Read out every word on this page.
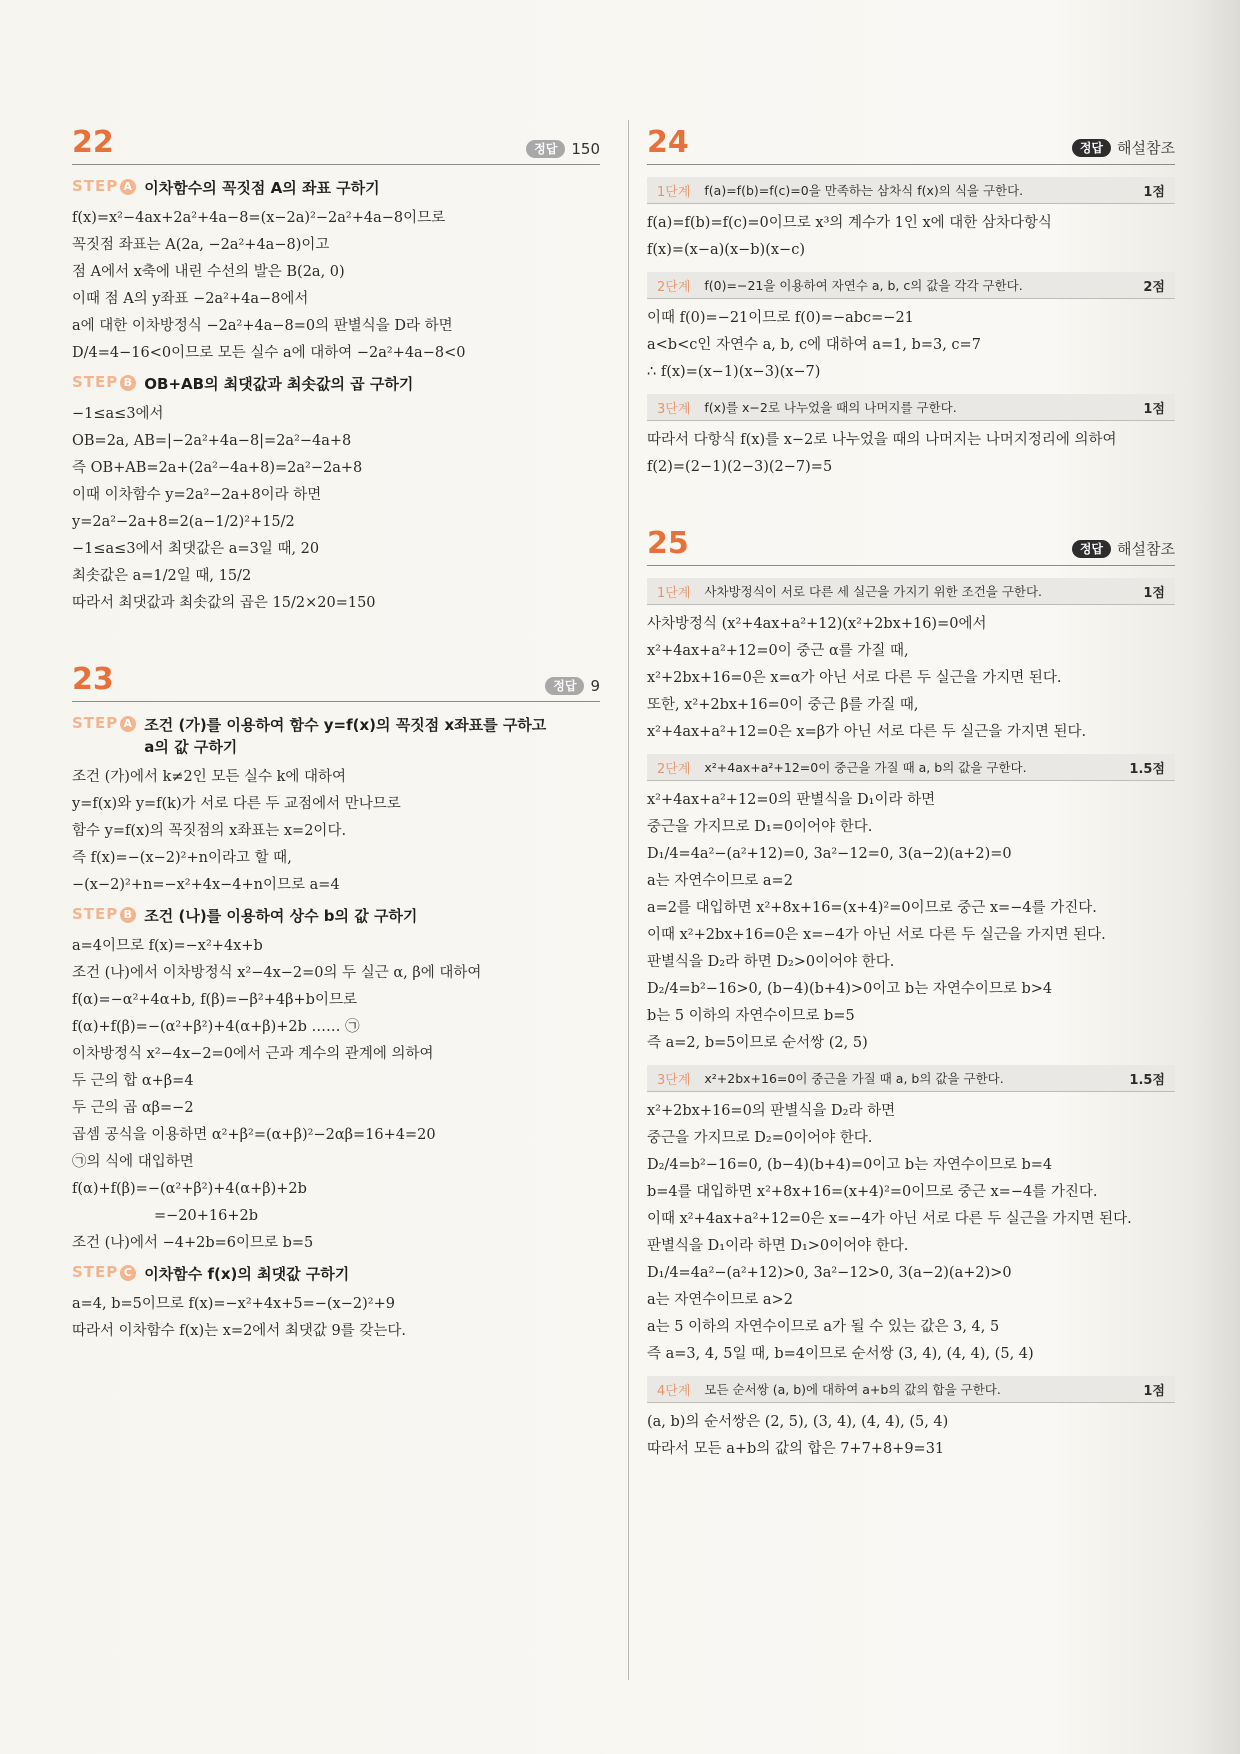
22	정답 150
STEP A 이차함수의 꼭짓점 A의 좌표 구하기
f(x)=x²−4ax+2a²+4a−8=(x−2a)²−2a²+4a−8이므로
꼭짓점 좌표는 A(2a, −2a²+4a−8)이고
점 A에서 x축에 내린 수선의 발은 B(2a, 0)
이때 점 A의 y좌표 −2a²+4a−8에서
a에 대한 이차방정식 −2a²+4a−8=0의 판별식을 D라 하면
D/4=4−16<0이므로 모든 실수 a에 대하여 −2a²+4a−8<0
STEP B OB+AB의 최댓값과 최솟값의 곱 구하기
−1≤a≤3에서
OB=2a, AB=|−2a²+4a−8|=2a²−4a+8
즉 OB+AB=2a+(2a²−4a+8)=2a²−2a+8
이때 이차함수 y=2a²−2a+8이라 하면
y=2a²−2a+8=2(a−1/2)²+15/2
−1≤a≤3에서 최댓값은 a=3일 때, 20
최솟값은 a=1/2일 때, 15/2
따라서 최댓값과 최솟값의 곱은 15/2×20=150
23	정답 9
STEP A 조건 (가)를 이용하여 함수 y=f(x)의 꼭짓점 x좌표를 구하고
a의 값 구하기
조건 (가)에서 k≠2인 모든 실수 k에 대하여
y=f(x)와 y=f(k)가 서로 다른 두 교점에서 만나므로
함수 y=f(x)의 꼭짓점의 x좌표는 x=2이다.
즉 f(x)=−(x−2)²+n이라고 할 때,
−(x−2)²+n=−x²+4x−4+n이므로 a=4
STEP B 조건 (나)를 이용하여 상수 b의 값 구하기
a=4이므로 f(x)=−x²+4x+b
조건 (나)에서 이차방정식 x²−4x−2=0의 두 실근 α, β에 대하여
f(α)=−α²+4α+b, f(β)=−β²+4β+b이므로
f(α)+f(β)=−(α²+β²)+4(α+β)+2b …… ㉠
이차방정식 x²−4x−2=0에서 근과 계수의 관계에 의하여
두 근의 합 α+β=4
두 근의 곱 αβ=−2
곱셈 공식을 이용하면 α²+β²=(α+β)²−2αβ=16+4=20
㉠의 식에 대입하면
f(α)+f(β)=−(α²+β²)+4(α+β)+2b
=−20+16+2b
조건 (나)에서 −4+2b=6이므로 b=5
STEP C 이차함수 f(x)의 최댓값 구하기
a=4, b=5이므로 f(x)=−x²+4x+5=−(x−2)²+9
따라서 이차함수 f(x)는 x=2에서 최댓값 9를 갖는다.
24	정답 해설참조
1단계 f(a)=f(b)=f(c)=0을 만족하는 삼차식 f(x)의 식을 구한다.	1점
f(a)=f(b)=f(c)=0이므로 x³의 계수가 1인 x에 대한 삼차다항식
f(x)=(x−a)(x−b)(x−c)
2단계 f(0)=−21을 이용하여 자연수 a, b, c의 값을 각각 구한다.	2점
이때 f(0)=−21이므로 f(0)=−abc=−21
a<b<c인 자연수 a, b, c에 대하여 a=1, b=3, c=7
∴ f(x)=(x−1)(x−3)(x−7)
3단계 f(x)를 x−2로 나누었을 때의 나머지를 구한다.	1점
따라서 다항식 f(x)를 x−2로 나누었을 때의 나머지는 나머지정리에 의하여
f(2)=(2−1)(2−3)(2−7)=5
25	정답 해설참조
1단계 사차방정식이 서로 다른 세 실근을 가지기 위한 조건을 구한다.	1점
사차방정식 (x²+4ax+a²+12)(x²+2bx+16)=0에서
x²+4ax+a²+12=0이 중근 α를 가질 때,
x²+2bx+16=0은 x=α가 아닌 서로 다른 두 실근을 가지면 된다.
또한, x²+2bx+16=0이 중근 β를 가질 때,
x²+4ax+a²+12=0은 x=β가 아닌 서로 다른 두 실근을 가지면 된다.
2단계 x²+4ax+a²+12=0이 중근을 가질 때 a, b의 값을 구한다.	1.5점
x²+4ax+a²+12=0의 판별식을 D₁이라 하면
중근을 가지므로 D₁=0이어야 한다.
D₁/4=4a²−(a²+12)=0, 3a²−12=0, 3(a−2)(a+2)=0
a는 자연수이므로 a=2
a=2를 대입하면 x²+8x+16=(x+4)²=0이므로 중근 x=−4를 가진다.
이때 x²+2bx+16=0은 x=−4가 아닌 서로 다른 두 실근을 가지면 된다.
판별식을 D₂라 하면 D₂>0이어야 한다.
D₂/4=b²−16>0, (b−4)(b+4)>0이고 b는 자연수이므로 b>4
b는 5 이하의 자연수이므로 b=5
즉 a=2, b=5이므로 순서쌍 (2, 5)
3단계 x²+2bx+16=0이 중근을 가질 때 a, b의 값을 구한다.	1.5점
x²+2bx+16=0의 판별식을 D₂라 하면
중근을 가지므로 D₂=0이어야 한다.
D₂/4=b²−16=0, (b−4)(b+4)=0이고 b는 자연수이므로 b=4
b=4를 대입하면 x²+8x+16=(x+4)²=0이므로 중근 x=−4를 가진다.
이때 x²+4ax+a²+12=0은 x=−4가 아닌 서로 다른 두 실근을 가지면 된다.
판별식을 D₁이라 하면 D₁>0이어야 한다.
D₁/4=4a²−(a²+12)>0, 3a²−12>0, 3(a−2)(a+2)>0
a는 자연수이므로 a>2
a는 5 이하의 자연수이므로 a가 될 수 있는 값은 3, 4, 5
즉 a=3, 4, 5일 때, b=4이므로 순서쌍 (3, 4), (4, 4), (5, 4)
4단계 모든 순서쌍 (a, b)에 대하여 a+b의 값의 합을 구한다.	1점
(a, b)의 순서쌍은 (2, 5), (3, 4), (4, 4), (5, 4)
따라서 모든 a+b의 값의 합은 7+7+8+9=31
